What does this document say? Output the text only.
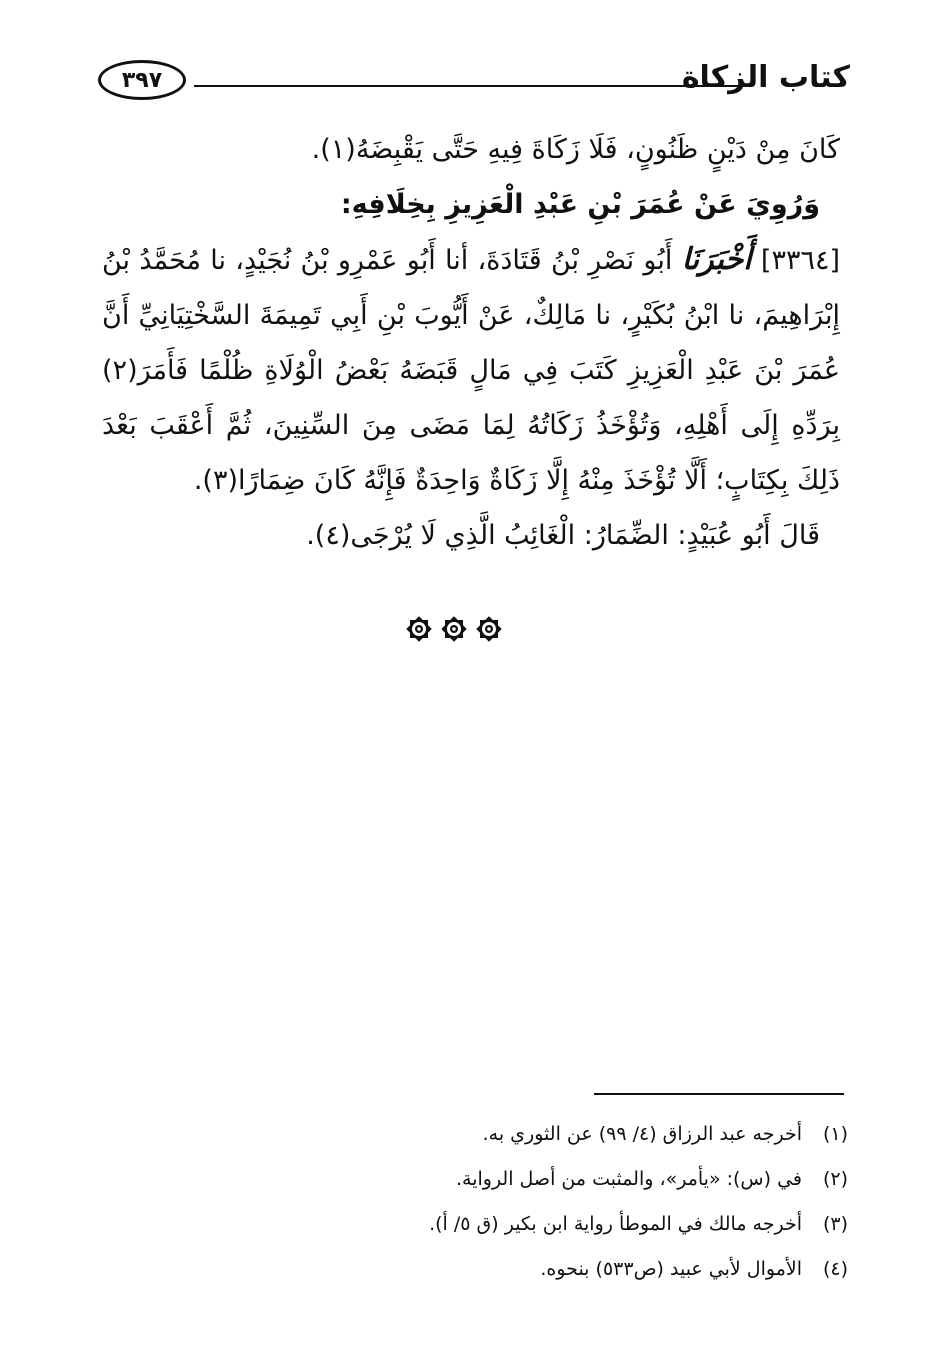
كتاب الزكاة
٣٩٧

كَانَ مِنْ دَيْنٍ ظَنُونٍ، فَلَا زَكَاةَ فِيهِ حَتَّى يَقْبِضَهُ(١).

وَرُوِيَ عَنْ عُمَرَ بْنِ عَبْدِ الْعَزِيزِ بِخِلَافِهِ:

[٣٣٦٤] أَخْبَرَنَا أَبُو نَصْرِ بْنُ قَتَادَةَ، أنا أَبُو عَمْرِو بْنُ نُجَيْدٍ، نا مُحَمَّدُ بْنُ إِبْرَاهِيمَ، نا ابْنُ بُكَيْرٍ، نا مَالِكٌ، عَنْ أَيُّوبَ بْنِ أَبِي تَمِيمَةَ السَّخْتِيَانِيِّ أَنَّ عُمَرَ بْنَ عَبْدِ الْعَزِيزِ كَتَبَ فِي مَالٍ قَبَضَهُ بَعْضُ الْوُلَاةِ ظُلْمًا فَأَمَرَ(٢) بِرَدِّهِ إِلَى أَهْلِهِ، وَتُؤْخَذُ زَكَاتُهُ لِمَا مَضَى مِنَ السِّنِينَ، ثُمَّ أَعْقَبَ بَعْدَ ذَلِكَ بِكِتَابٍ؛ أَلَّا تُؤْخَذَ مِنْهُ إِلَّا زَكَاةٌ وَاحِدَةٌ فَإِنَّهُ كَانَ ضِمَارًا(٣).

قَالَ أَبُو عُبَيْدٍ: الضِّمَارُ: الْغَائِبُ الَّذِي لَا يُرْجَى(٤).

(١)
أخرجه عبد الرزاق (٤/ ٩٩) عن الثوري به.
(٢)
في (س): «يأمر»، والمثبت من أصل الرواية.
(٣)
أخرجه مالك في الموطأ رواية ابن بكير (ق ٥/ أ).
(٤)
الأموال لأبي عبيد (ص٥٣٣) بنحوه.
